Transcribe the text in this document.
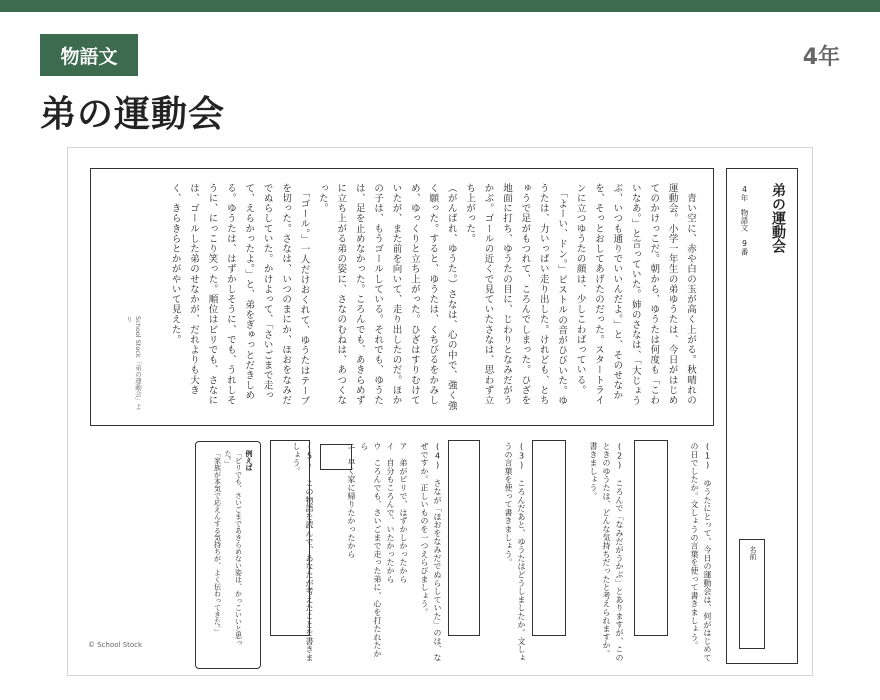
物語文	4年
弟の運動会
弟の運動会
4年　物語文　9番
名前

　青い空に、赤や白の玉が高く上がる。秋晴れの運動会。小学一年生の弟ゆうたは、今日がはじめてのかけっこだ。朝から、ゆうたは何度も「こわいなあ。」と言っていた。姉のさなは、「大じょうぶ、いつも通りでいいんだよ。」と、そのせなかを、そっとおしてあげたのだった。スタートラインに立つゆうたの顔は、少しこわばっている。

　「よーい、ドン。」ピストルの音がひびいた。ゆうたは、力いっぱい走り出した。けれども、とちゅうで足がもつれて、ころんでしまった。ひざを地面に打ち、ゆうたの目に、じわりとなみだがうかぶ。ゴールの近くで見ていたさなは、思わず立ち上がった。

（がんばれ、ゆうた。）さなは、心の中で、強く強く願った。すると、ゆうたは、くちびるをかみしめ、ゆっくりと立ち上がった。ひざはすりむけていたが、また前を向いて、走り出したのだ。ほかの子は、もうゴールしている。それでも、ゆうたは、足を止めなかった。ころんでも、あきらめずに立ち上がる弟の姿に、さなのむねは、あつくなった。

　「ゴール。」一人だけおくれて、ゆうたはテープを切った。さなは、いつのまにか、ほおをなみだでぬらしていた。かけよって、「さいごまで走って、えらかったよ。」と、弟をぎゅっとだきしめる。ゆうたは、はずかしそうに、でも、うれしそうに、にっこり笑った。順位はビリでも、さなには、ゴールした弟のせなかが、だれよりも大きく、きらきらとかがやいて見えた。

School Stock「弟の運動会」より
(1) ゆうたにとって、今日の運動会は、何がはじめての日でしたか。文しょうの言葉を使って書きましょう。
(2) ころんで「なみだがうかぶ」とありますが、このときのゆうたは、どんな気持ちだったと考えられますか。書きましょう。
(3) ころんだあと、ゆうたはどうしましたか。文しょうの言葉を使って書きましょう。
(4) さなが「ほおをなみだでぬらしていた」のは、なぜですか。正しいものを一つえらびましょう。
ア　弟がビリで、はずかしかったから
イ　自分もころんで、いたかったから
ウ　ころんでも、さいごまで走った弟に、心を打たれたから
エ　早く家に帰りたかったから
(5) この物語を読んで、あなたが考えたことを書きましょう。
例えば
「ビリでも、さいごまであきらめない姿は、かっこいいと思った。」
「家族が本気で応えんする気持ちが、よく伝わってきた。」
© School Stock
